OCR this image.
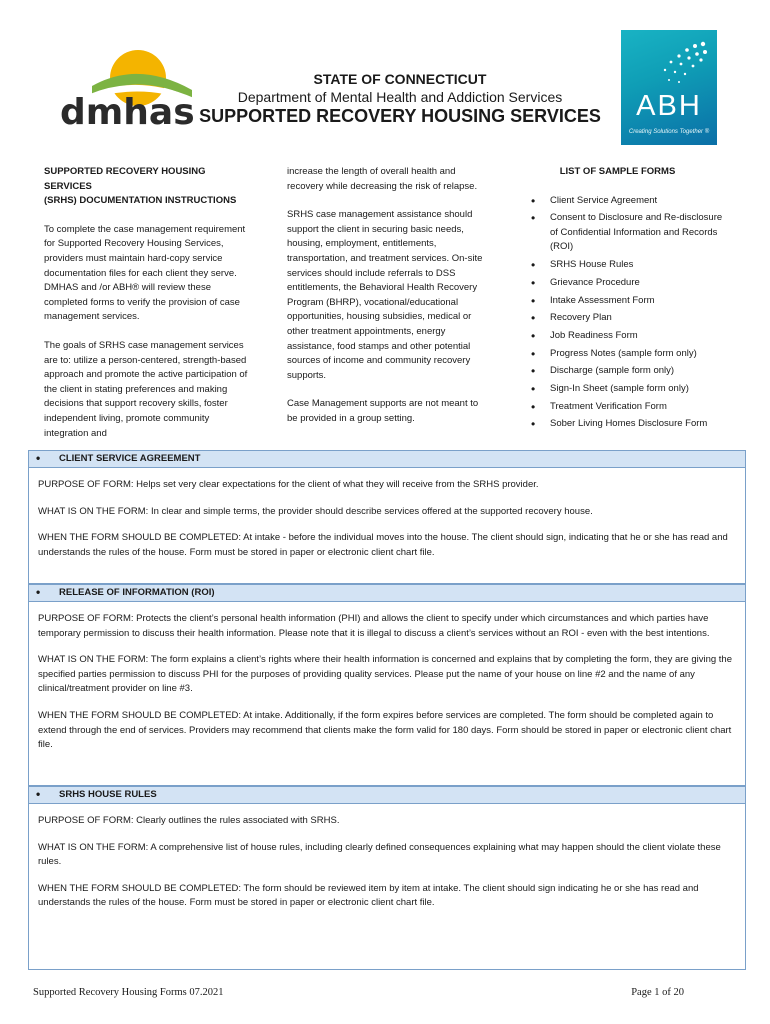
dmhas	ABH
Creating Solutions Together ®
STATE OF CONNECTICUT
Department of Mental Health and Addiction Services
SUPPORTED RECOVERY HOUSING SERVICES
SUPPORTED RECOVERY HOUSING SERVICES
(SRHS) DOCUMENTATION INSTRUCTIONS

To complete the case management requirement for Supported Recovery Housing Services, providers must maintain hard-copy service documentation files for each client they serve. DMHAS and /or ABH® will review these completed forms to verify the provision of case management services.

The goals of SRHS case management services are to: utilize a person-centered, strength-based approach and promote the active participation of the client in stating preferences and making decisions that support recovery skills, foster independent living, promote community integration and

increase the length of overall health and recovery while decreasing the risk of relapse.

SRHS case management assistance should support the client in securing basic needs, housing, employment, entitlements, transportation, and treatment services. On-site services should include referrals to DSS entitlements, the Behavioral Health Recovery Program (BHRP), vocational/educational opportunities, housing subsidies, medical or other treatment appointments, energy assistance, food stamps and other potential sources of income and community recovery supports.

Case Management supports are not meant to be provided in a group setting.

LIST OF SAMPLE FORMS
• Client Service Agreement
• Consent to Disclosure and Re-disclosure of Confidential Information and Records (ROI)
• SRHS House Rules
• Grievance Procedure
• Intake Assessment Form
• Recovery Plan
• Job Readiness Form
• Progress Notes (sample form only)
• Discharge (sample form only)
• Sign-In Sheet (sample form only)
• Treatment Verification Form
• Sober Living Homes Disclosure Form
• CLIENT SERVICE AGREEMENT

PURPOSE OF FORM: Helps set very clear expectations for the client of what they will receive from the SRHS provider.

WHAT IS ON THE FORM: In clear and simple terms, the provider should describe services offered at the supported recovery house.

WHEN THE FORM SHOULD BE COMPLETED: At intake - before the individual moves into the house. The client should sign, indicating that he or she has read and understands the rules of the house. Form must be stored in paper or electronic client chart file.

• RELEASE OF INFORMATION (ROI)

PURPOSE OF FORM: Protects the client’s personal health information (PHI) and allows the client to specify under which circumstances and which parties have temporary permission to discuss their health information. Please note that it is illegal to discuss a client’s services without an ROI - even with the best intentions.

WHAT IS ON THE FORM: The form explains a client’s rights where their health information is concerned and explains that by completing the form, they are giving the specified parties permission to discuss PHI for the purposes of providing quality services. Please put the name of your house on line #2 and the name of any clinical/treatment provider on line #3.

WHEN THE FORM SHOULD BE COMPLETED: At intake. Additionally, if the form expires before services are completed. The form should be completed again to extend through the end of services. Providers may recommend that clients make the form valid for 180 days. Form should be stored in paper or electronic client chart file.

• SRHS HOUSE RULES

PURPOSE OF FORM: Clearly outlines the rules associated with SRHS.

WHAT IS ON THE FORM: A comprehensive list of house rules, including clearly defined consequences explaining what may happen should the client violate these rules.

WHEN THE FORM SHOULD BE COMPLETED: The form should be reviewed item by item at intake. The client should sign indicating he or she has read and understands the rules of the house. Form must be stored in paper or electronic client chart file.

Supported Recovery Housing Forms 07.2021	Page 1 of 20
